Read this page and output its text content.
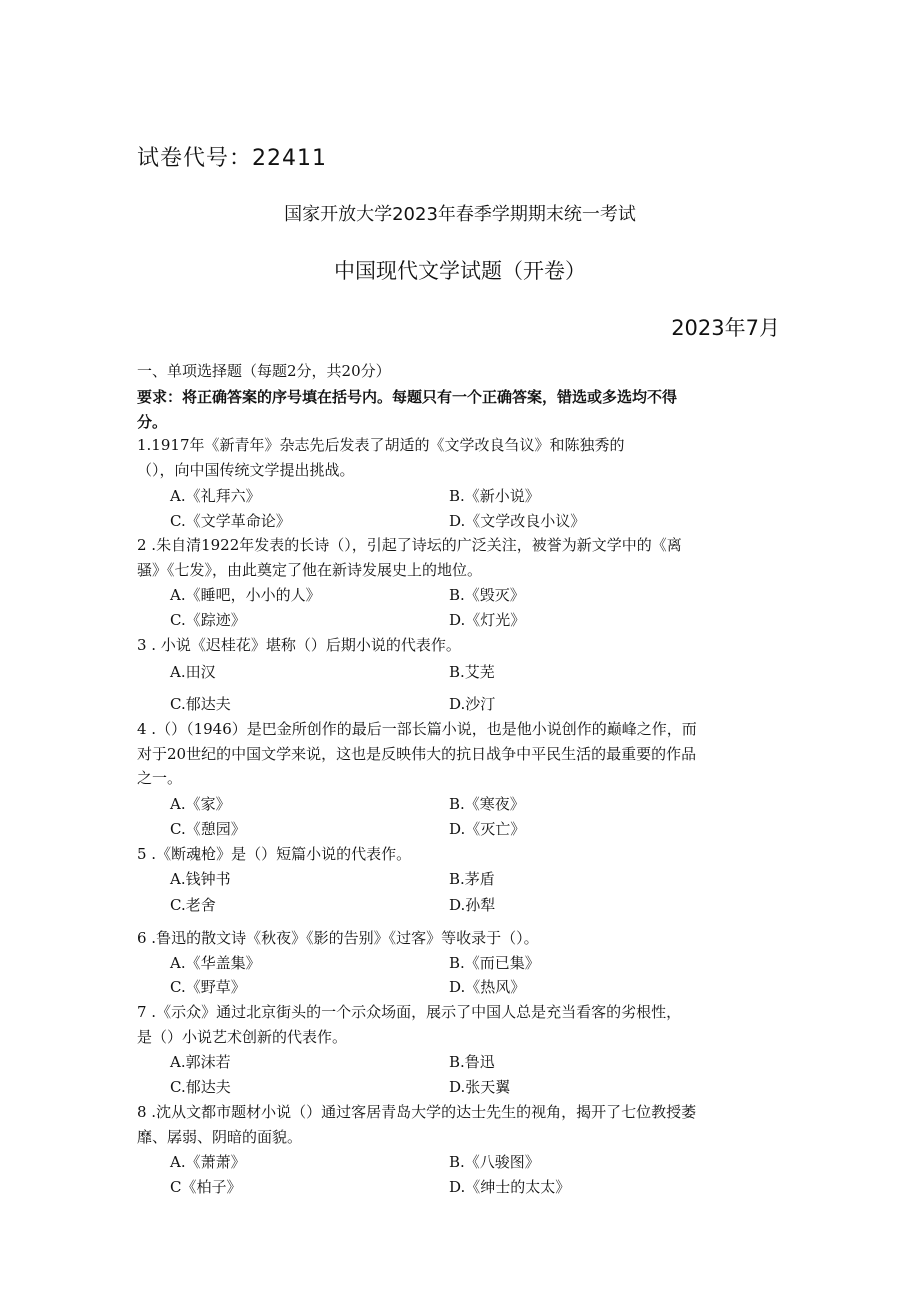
试卷代号：22411
国家开放大学2023年春季学期期末统一考试
中国现代文学试题（开卷）
2023年7月
一、单项选择题（每题2分，共20分）
要求：将正确答案的序号填在括号内。每题只有一个正确答案，错选或多选均不得
分。
1.1917年《新青年》杂志先后发表了胡适的《文学改良刍议》和陈独秀的
（），向中国传统文学提出挑战。
A.《礼拜六》	B.《新小说》
C.《文学革命论》	D.《文学改良小议》
2 .朱自清1922年发表的长诗（），引起了诗坛的广泛关注，被誉为新文学中的《离
骚》《七发》，由此奠定了他在新诗发展史上的地位。
A.《睡吧，小小的人》	B.《毁灭》
C.《踪迹》	D.《灯光》
3 . 小说《迟桂花》堪称（）后期小说的代表作。
A.田汉	B.艾芜
C.郁达夫	D.沙汀
4 .（）（1946）是巴金所创作的最后一部长篇小说，也是他小说创作的巅峰之作，而
对于20世纪的中国文学来说，这也是反映伟大的抗日战争中平民生活的最重要的作品
之一。
A.《家》	B.《寒夜》
C.《憩园》	D.《灭亡》
5 .《断魂枪》是（）短篇小说的代表作。
A.钱钟书	B.茅盾
C.老舍	D.孙犁
6 .鲁迅的散文诗《秋夜》《影的告别》《过客》等收录于（）。
A.《华盖集》	B.《而已集》
C.《野草》	D.《热风》
7 .《示众》通过北京街头的一个示众场面，展示了中国人总是充当看客的劣根性，
是（）小说艺术创新的代表作。
A.郭沫若	B.鲁迅
C.郁达夫	D.张天翼
8 .沈从文都市题材小说（）通过客居青岛大学的达士先生的视角，揭开了七位教授萎
靡、孱弱、阴暗的面貌。
A.《萧萧》	B.《八骏图》
C《柏子》	D.《绅士的太太》
